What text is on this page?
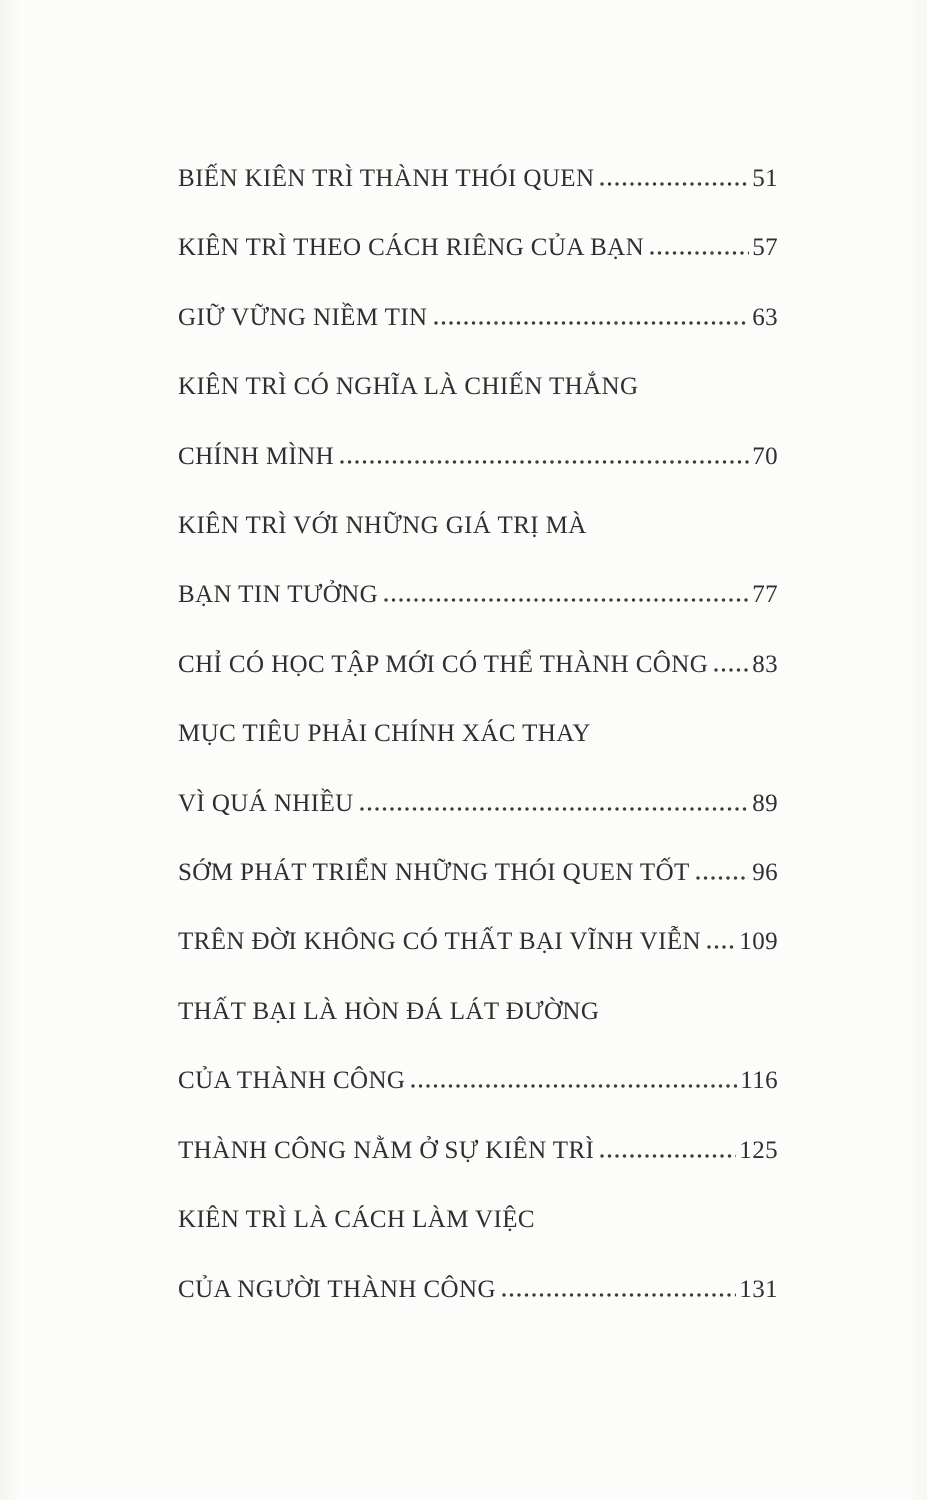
BIẾN KIÊN TRÌ THÀNH THÓI QUEN	51
KIÊN TRÌ THEO CÁCH RIÊNG CỦA BẠN	57
GIỮ VỮNG NIỀM TIN	63
KIÊN TRÌ CÓ NGHĨA LÀ CHIẾN THẮNG
CHÍNH MÌNH	70
KIÊN TRÌ VỚI NHỮNG GIÁ TRỊ MÀ
BẠN TIN TƯỞNG	77
CHỈ CÓ HỌC TẬP MỚI CÓ THỂ THÀNH CÔNG 83
MỤC TIÊU PHẢI CHÍNH XÁC THAY
VÌ QUÁ NHIỀU	89
SỚM PHÁT TRIỂN NHỮNG THÓI QUEN TỐT 96
TRÊN ĐỜI KHÔNG CÓ THẤT BẠI VĨNH VIỄN 109
THẤT BẠI LÀ HÒN ĐÁ LÁT ĐƯỜNG
CỦA THÀNH CÔNG	116
THÀNH CÔNG NẰM Ở SỰ KIÊN TRÌ	125
KIÊN TRÌ LÀ CÁCH LÀM VIỆC
CỦA NGƯỜI THÀNH CÔNG	131
